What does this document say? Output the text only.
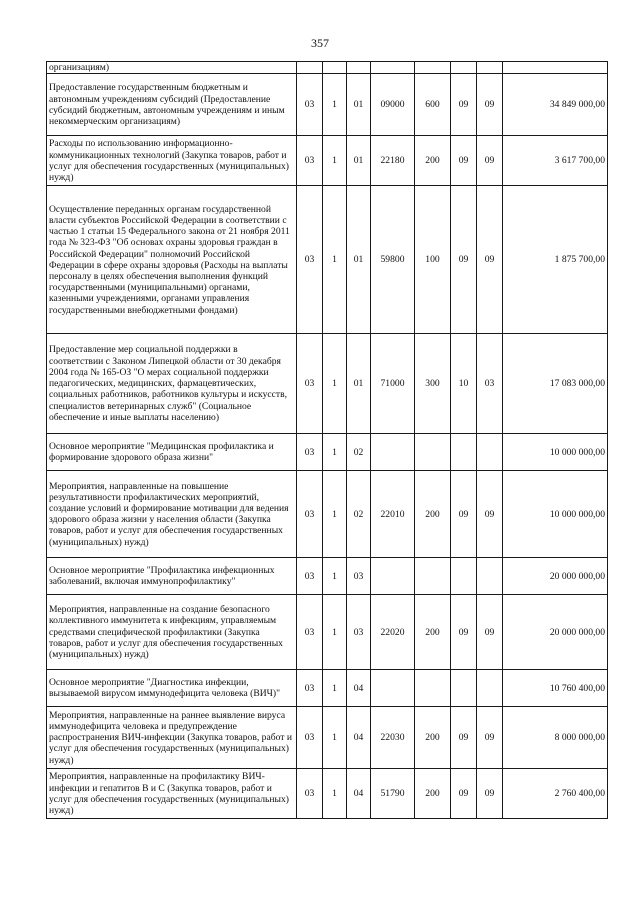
357
организациям)								
Предоставление государственным бюджетным и автономным учреждениям субсидий (Предоставление субсидий бюджетным, автономным учреждениям и иным некоммерческим организациям)	03	1	01	09000	600	09	09	34 849 000,00
Расходы по использованию информационно-коммуникационных технологий (Закупка товаров, работ и услуг для обеспечения государственных (муниципальных) нужд)	03	1	01	22180	200	09	09	3 617 700,00
Осуществление переданных органам государственной власти субъектов Российской Федерации в соответствии с частью 1 статьи 15 Федерального закона от 21 ноября 2011 года № 323-ФЗ "Об основах охраны здоровья граждан в Российской Федерации" полномочий Российской Федерации в сфере охраны здоровья (Расходы на выплаты персоналу в целях обеспечения выполнения функций государственными (муниципальными) органами, казенными учреждениями, органами управления государственными внебюджетными фондами)	03	1	01	59800	100	09	09	1 875 700,00
Предоставление мер социальной поддержки в соответствии с Законом Липецкой области от 30 декабря 2004 года № 165-ОЗ "О мерах социальной поддержки педагогических, медицинских, фармацевтических, социальных работников, работников культуры и искусств, специалистов ветеринарных служб" (Социальное обеспечение и иные выплаты населению)	03	1	01	71000	300	10	03	17 083 000,00
Основное мероприятие "Медицинская профилактика и формирование здорового образа жизни"	03	1	02					10 000 000,00
Мероприятия, направленные на повышение результативности профилактических мероприятий, создание условий и формирование мотивации для ведения здорового образа жизни у населения области (Закупка товаров, работ и услуг для обеспечения государственных (муниципальных) нужд)	03	1	02	22010	200	09	09	10 000 000,00
Основное мероприятие "Профилактика инфекционных заболеваний, включая иммунопрофилактику"	03	1	03					20 000 000,00
Мероприятия, направленные на создание безопасного коллективного иммунитета к инфекциям, управляемым средствами специфической профилактики (Закупка товаров, работ и услуг для обеспечения государственных (муниципальных) нужд)	03	1	03	22020	200	09	09	20 000 000,00
Основное мероприятие "Диагностика инфекции, вызываемой вирусом иммунодефицита человека (ВИЧ)"	03	1	04					10 760 400,00
Мероприятия, направленные на раннее выявление вируса иммунодефицита человека и предупреждение распространения ВИЧ-инфекции (Закупка товаров, работ и услуг для обеспечения государственных (муниципальных) нужд)	03	1	04	22030	200	09	09	8 000 000,00
Мероприятия, направленные на профилактику ВИЧ-инфекции и гепатитов В и С (Закупка товаров, работ и услуг для обеспечения государственных (муниципальных) нужд)	03	1	04	51790	200	09	09	2 760 400,00
